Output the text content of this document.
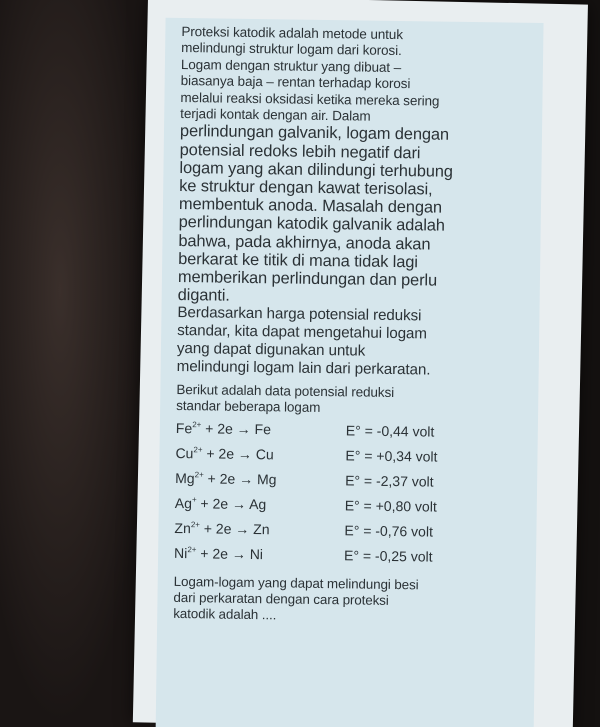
Proteksi katodik adalah metode untuk
melindungi struktur logam dari korosi.
Logam dengan struktur yang dibuat –
biasanya baja – rentan terhadap korosi
melalui reaksi oksidasi ketika mereka sering
terjadi kontak dengan air. Dalam

perlindungan galvanik, logam dengan
potensial redoks lebih negatif dari
logam yang akan dilindungi terhubung
ke struktur dengan kawat terisolasi,
membentuk anoda. Masalah dengan
perlindungan katodik galvanik adalah
bahwa, pada akhirnya, anoda akan
berkarat ke titik di mana tidak lagi
memberikan perlindungan dan perlu
diganti.

Berdasarkan harga potensial reduksi
standar, kita dapat mengetahui logam
yang dapat digunakan untuk
melindungi logam lain dari perkaratan.

Berikut adalah data potensial reduksi
standar beberapa logam

$Fe^{2+} + 2e \to Fe$	E° = -0,44 volt
$Cu^{2+} + 2e \to Cu$	E° = +0,34 volt
$Mg^{2+} + 2e \to Mg$	E° = -2,37 volt
Ag+ + 2e → Ag	E° = +0,80 volt
$Zn^{2+} + 2e \to Zn$	E° = -0,76 volt
$Ni^{2+} + 2e \to Ni$	E° = -0,25 volt

Logam-logam yang dapat melindungi besi
dari perkaratan dengan cara proteksi
katodik adalah ....
